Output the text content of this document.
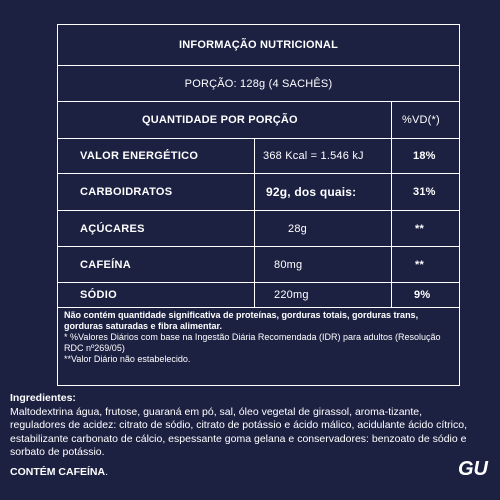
INFORMAÇÃO NUTRICIONAL
PORÇÃO: 128g (4 SACHÊS)
QUANTIDADE POR PORÇÃO	%VD(*)
VALOR ENERGÉTICO	368 Kcal = 1.546 kJ	18%
CARBOIDRATOS	92g, dos quais:	31%
AÇÚCARES	28g	**
CAFEÍNA	80mg	**
SÓDIO	220mg	9%

Não contém quantidade significativa de proteínas, gorduras totais, gorduras trans, gorduras saturadas e fibra alimentar.

* %Valores Diários com base na Ingestão Diária Recomendada (IDR) para adultos (Resolução RDC nº269/05)

**Valor Diário não estabelecido.

Ingredientes:
Maltodextrina água, frutose, guaraná em pó, sal, óleo vegetal de girassol, aroma-tizante, reguladores de acidez: citrato de sódio, citrato de potássio e ácido málico, acidulante ácido cítrico, estabilizante carbonato de cálcio, espessante goma gelana e conservadores: benzoato de sódio e sorbato de potássio.
CONTÉM CAFEÍNA.	GU
